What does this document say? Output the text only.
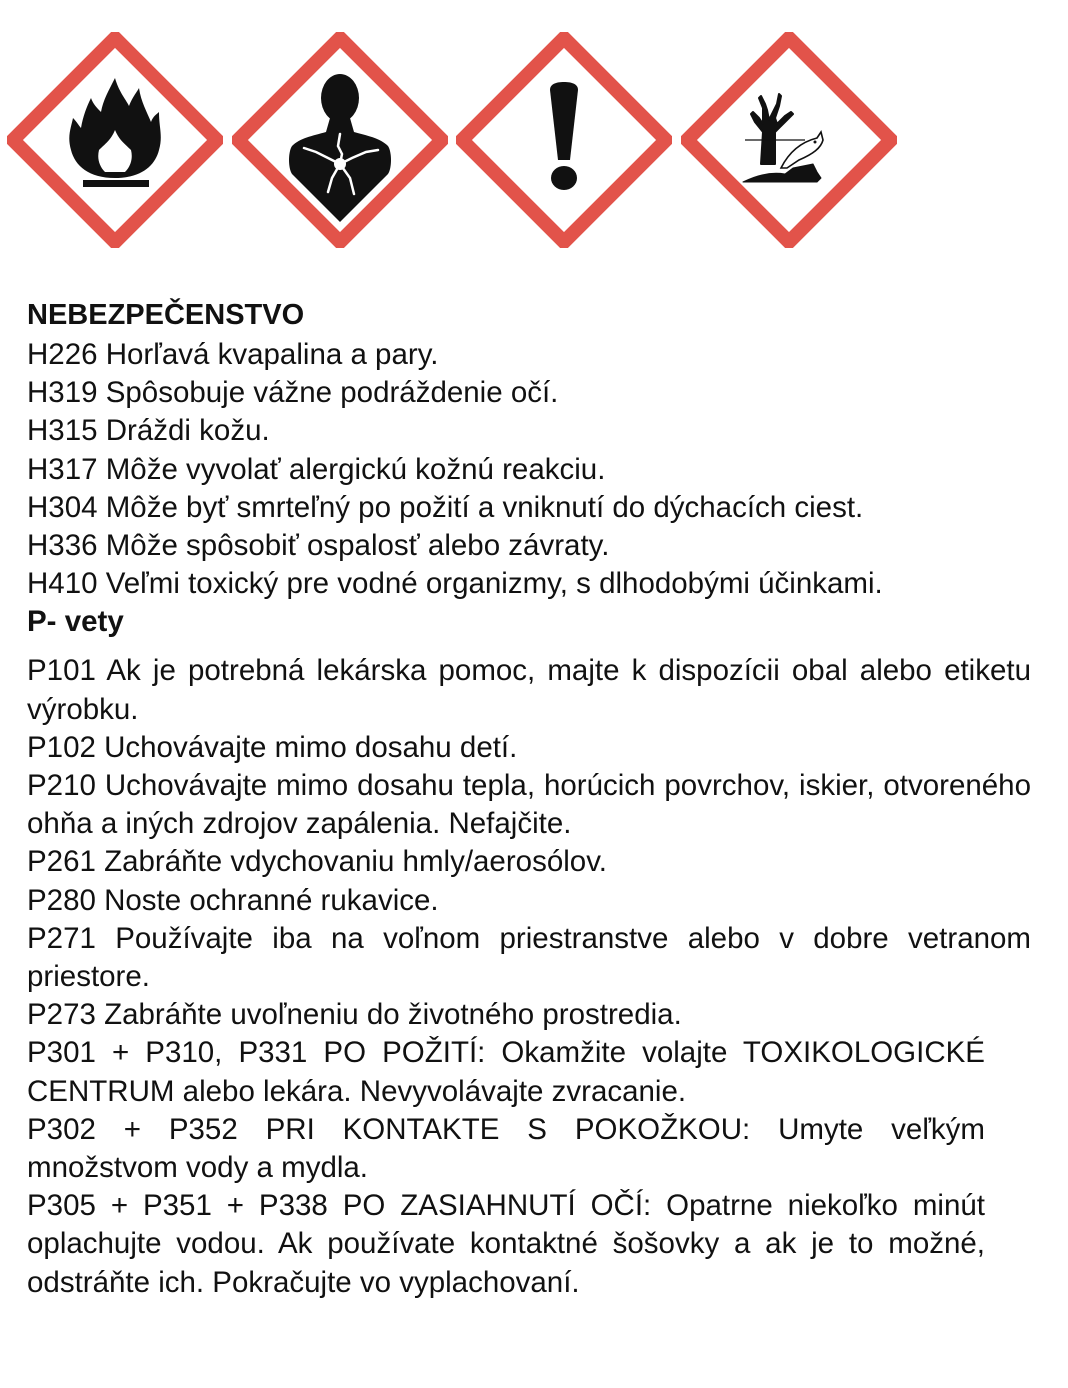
NEBEZPEČENSTVO

H226 Horľavá kvapalina a pary.

H319 Spôsobuje vážne podráždenie očí.

H315 Dráždi kožu.

H317 Môže vyvolať alergickú kožnú reakciu.

H304 Môže byť smrteľný po požití a vniknutí do dýchacích ciest.

H336 Môže spôsobiť ospalosť alebo závraty.

H410 Veľmi toxický pre vodné organizmy, s dlhodobými účinkami.

P- vety

P101 Ak je potrebná lekárska pomoc, majte k dispozícii obal alebo etiketu výrobku.

P102 Uchovávajte mimo dosahu detí.

P210 Uchovávajte mimo dosahu tepla, horúcich povrchov, iskier, otvoreného ohňa a iných zdrojov zapálenia. Nefajčite.

P261 Zabráňte vdychovaniu hmly/aerosólov.

P280 Noste ochranné rukavice.

P271 Používajte iba na voľnom priestranstve alebo v dobre vetranom priestore.

P273 Zabráňte uvoľneniu do životného prostredia.

P301 + P310, P331 PO POŽITÍ: Okamžite volajte TOXIKOLOGICKÉ CENTRUM alebo lekára. Nevyvolávajte zvracanie.

P302 + P352 PRI KONTAKTE S POKOŽKOU: Umyte veľkým množstvom vody a mydla.

P305 + P351 + P338 PO ZASIAHNUTÍ OČÍ: Opatrne niekoľko minút oplachujte vodou. Ak používate kontaktné šošovky a ak je to možné, odstráňte ich. Pokračujte vo vyplachovaní.
